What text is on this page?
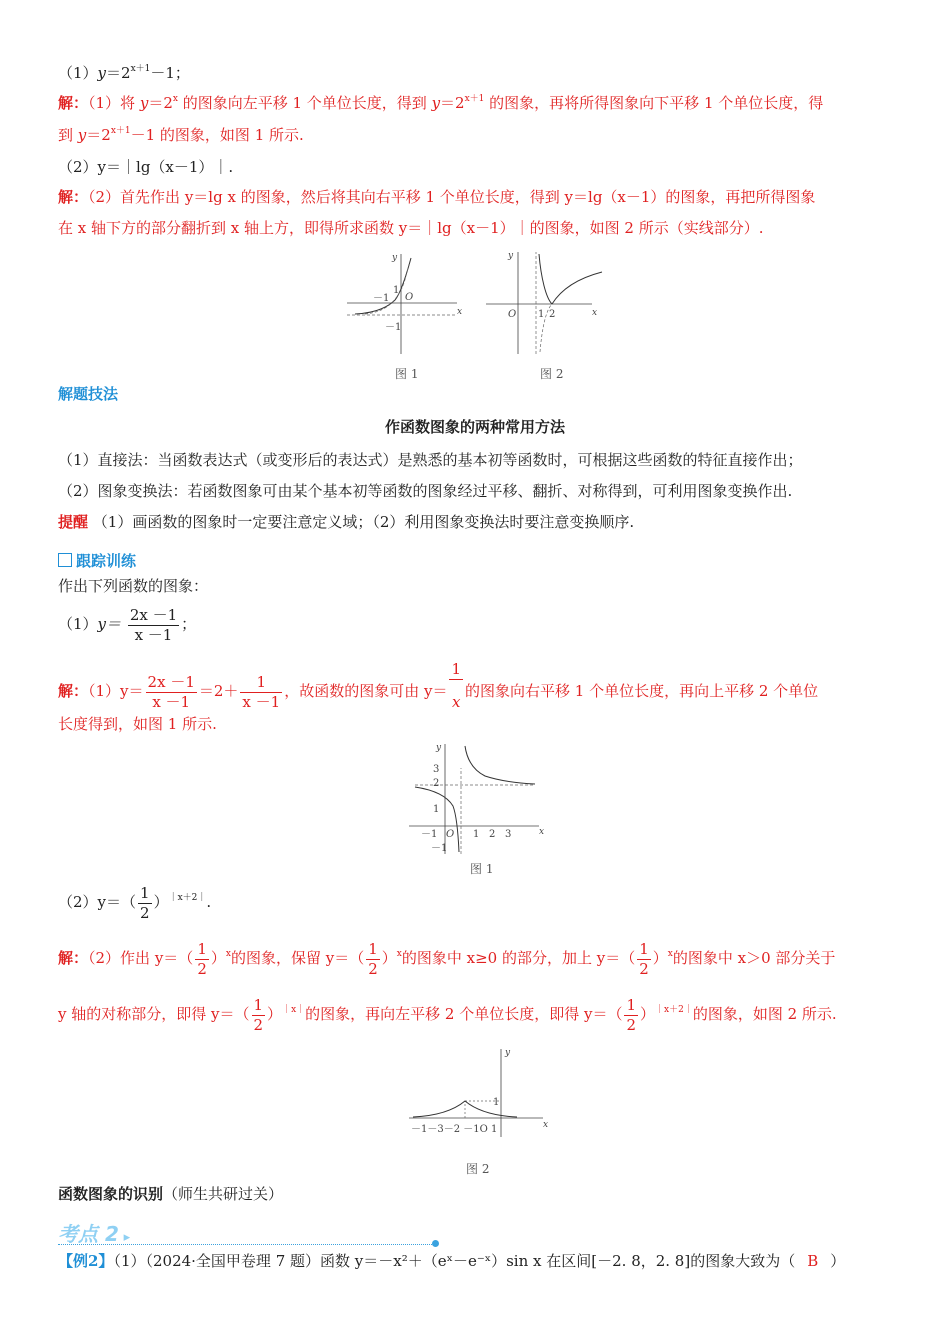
$(1)y=2^{x+1}-1$；
解：（1）将 $y=2^x$ 的图象向左平移 1 个单位长度，得到 $y=2^{x+1}$ 的图象，再将所得图象向下平移 1 个单位长度，得
到 $y=2^{x+1}-1$ 的图象，如图 1 所示.
（2）y＝｜lg（x－1）｜.
解：（2）首先作出 y＝lg x 的图象，然后将其向右平移 1 个单位长度，得到 y＝lg（x－1）的图象，再把所得图象
在 x 轴下方的部分翻折到 x 轴上方，即得所求函数 y＝｜lg（x－1）｜的图象，如图 2 所示（实线部分）.
x
y
O
－1
1
－1
图 1
x
y
O 1 2
图 2
解题技法
作函数图象的两种常用方法
（1）直接法：当函数表达式（或变形后的表达式）是熟悉的基本初等函数时，可根据这些函数的特征直接作出；
（2）图象变换法：若函数图象可由某个基本初等函数的图象经过平移、翻折、对称得到，可利用图象变换作出.
提醒 （1）画函数的图象时一定要注意定义域；（2）利用图象变换法时要注意变换顺序.
跟踪训练
作出下列函数的图象：
$(1)y= \frac{2x -1}{x -1}$ ；
解：$(1)y= \frac{2x -1}{x -1} =2+ \frac{1}{x -1}$ ，故函数的图象可由 $y= \frac{1}{x}$ 的图象向右平移 1 个单位长度，再向上平移 2 个单位
长度得到，如图 1 所示.
x
y
3
2
1
－1
－1 O 1 2 3
图 1
$(2)y=( \frac{1}{2} )^{|x+2|}$.
解：（2）作出 $y=( \frac{1}{2} )^x$的图象，保留 $y=( \frac{1}{2} )^x$的图象中 x≥0 的部分，加上 $y=( \frac{1}{2} )^x$的图象中 x＞0 部分关于
y 轴的对称部分，即得 $y=( \frac{1}{2} )^{|x|}$的图象，再向左平移 2 个单位长度，即得 $y=( \frac{1}{2} )^{|x+2|}$的图象，如图 2 所示.
x
y
1
－1－3－2 －1O 1
图 2
函数图象的识别（师生共研过关）
考点 2 ▸
【例2】（1）（2024·全国甲卷理 7 题）函数 y＝－x²＋（eˣ－e⁻ˣ）sin x 在区间[－2. 8，2. 8]的图象大致为（ B ）
